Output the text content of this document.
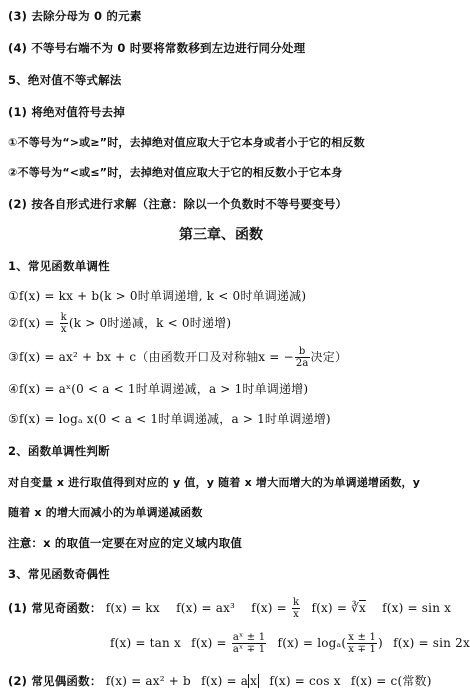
(3) 去除分母为 0 的元素
(4) 不等号右端不为 0 时要将常数移到左边进行同分处理
5、绝对值不等式解法
(1) 将绝对值符号去掉
①不等号为“>或≥”时，去掉绝对值应取大于它本身或者小于它的相反数
②不等号为“<或≤”时，去掉绝对值应取大于它的相反数小于它本身
(2) 按各自形式进行求解（注意：除以一个负数时不等号要变号）
第三章、函数
1、常见函数单调性
①f(x) = kx + b(k > 0时单调递增, k < 0时单调递减)
②f(x) = $\frac{k}{x} (k > 0$时递减，k < 0时递增)
③f(x) = ax² + bx + c（由函数开口及对称轴x = − $\frac{b}{2a}$ 决定）
④f(x) = aˣ(0 < a < 1时单调递减，a > 1时单调递增)
⑤f(x) = logₐ x(0 < a < 1时单调递减，a > 1时单调递增)
2、函数单调性判断
对自变量 x 进行取值得到对应的 y 值，y 随着 x 增大而增大的为单调递增函数，y
随着 x 的增大而减小的为单调递减函数
注意：x 的取值一定要在对应的定义域内取值
3、常见函数奇偶性
(1) 常见奇函数： f(x) = kx f(x) = ax³ $f(x) = \frac{k}{x} f(x)$ = $∛\overline{x}$ f(x) = sin x
f(x) = tan x $f(x) = \frac{\text{aˣ ± 1}}{\text{aˣ ∓ 1}} f(x) = \log_a( \frac{x \pm 1}{x \mp 1}$ ) f(x) = sin 2x
(2) 常见偶函数： f(x) = ax² + b f(x) = a x f(x) = cos x f(x) = c(常数)
